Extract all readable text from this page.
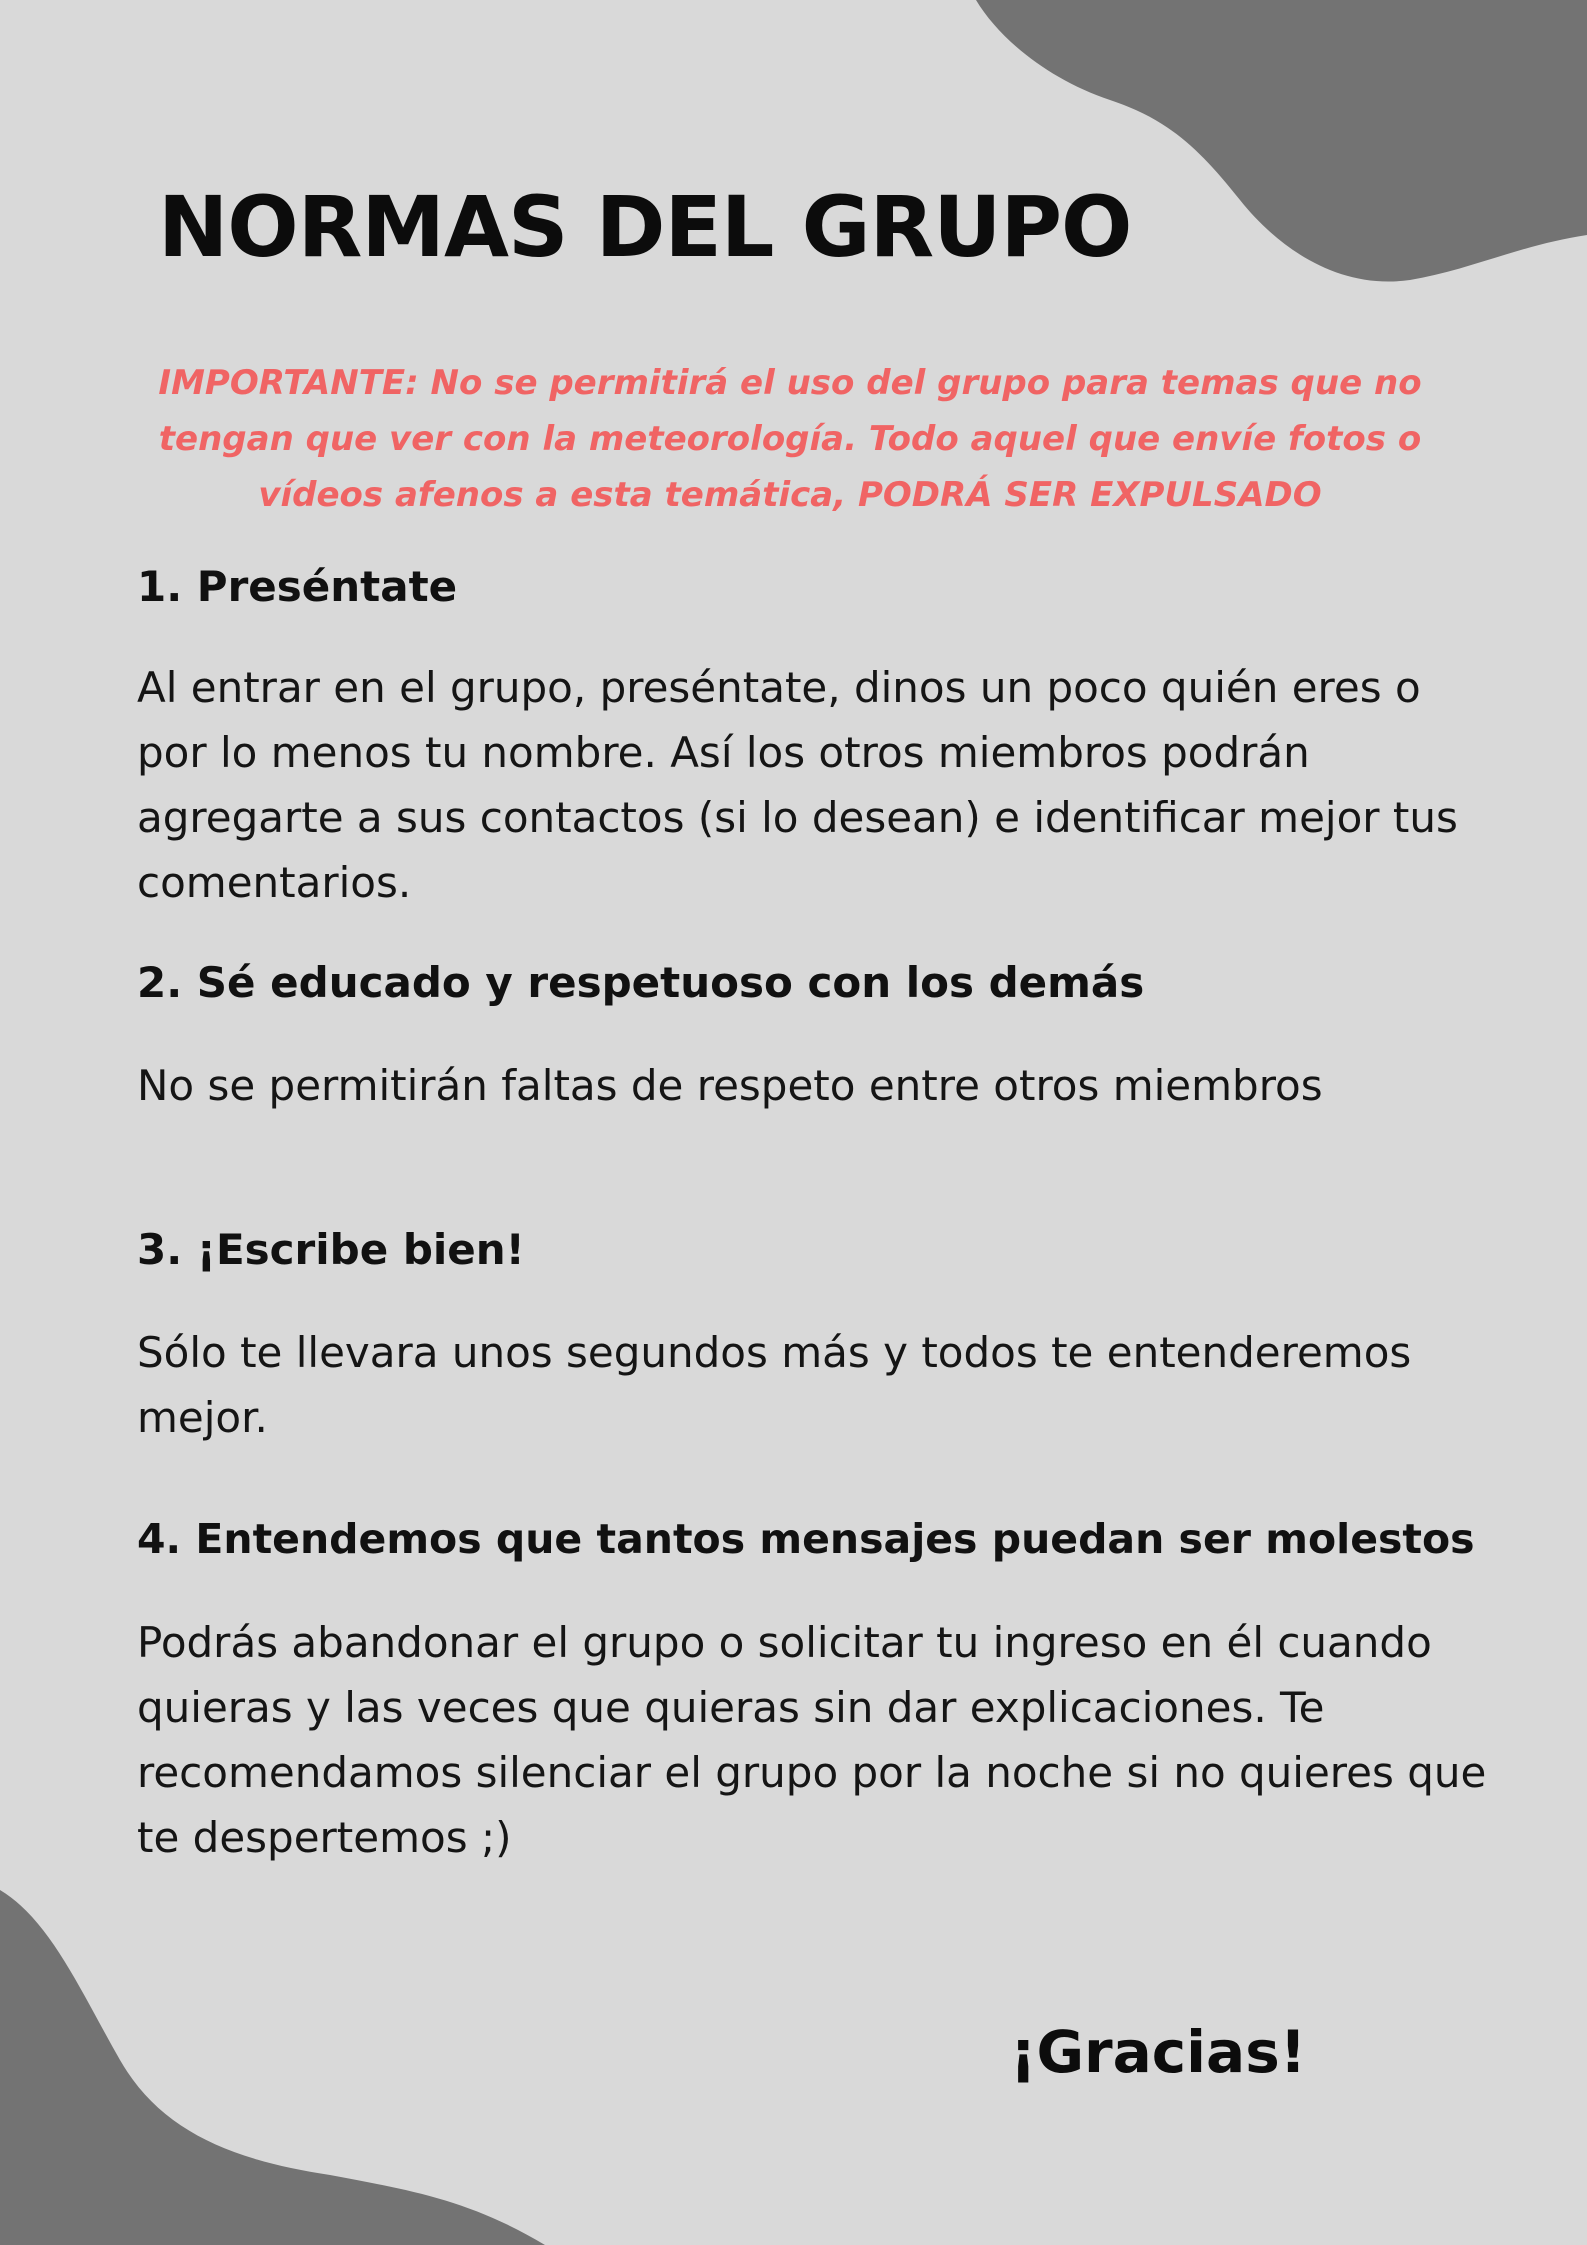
NORMAS DEL GRUPO

IMPORTANTE: No se permitirá el uso del grupo para temas que no tengan que ver con la meteorología. Todo aquel que envíe fotos o vídeos afenos a esta temática, PODRÁ SER EXPULSADO

1. Preséntate

Al entrar en el grupo, preséntate, dinos un poco quién eres o por lo menos tu nombre. Así los otros miembros podrán agregarte a sus contactos (si lo desean) e identificar mejor tus comentarios.

2. Sé educado y respetuoso con los demás

No se permitirán faltas de respeto entre otros miembros

3. ¡Escribe bien!

Sólo te llevara unos segundos más y todos te entenderemos mejor.

4. Entendemos que tantos mensajes puedan ser molestos

Podrás abandonar el grupo o solicitar tu ingreso en él cuando quieras y las veces que quieras sin dar explicaciones. Te recomendamos silenciar el grupo por la noche si no quieres que te despertemos ;)

¡Gracias!
